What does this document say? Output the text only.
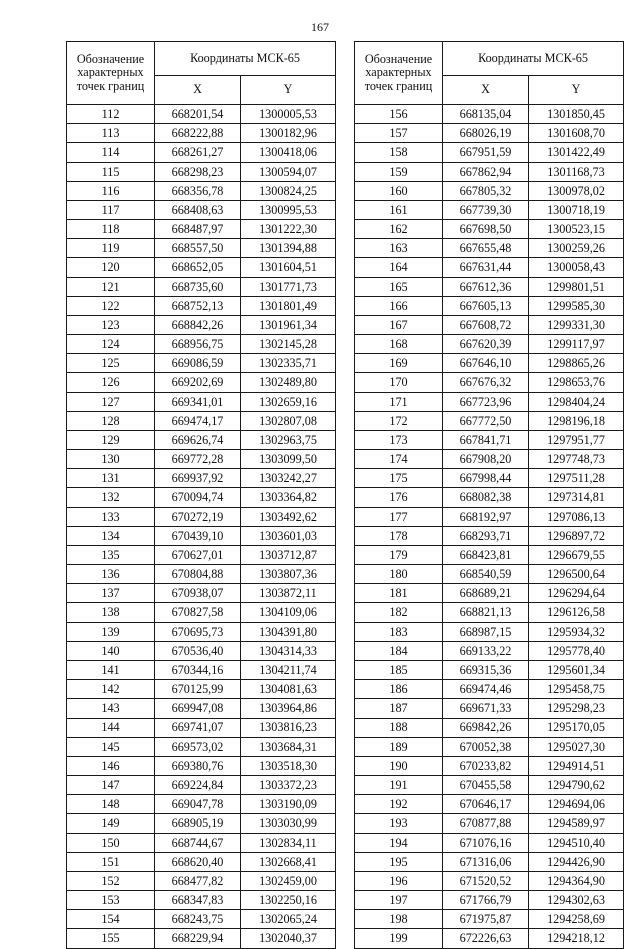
167
Обозначение характерных точек границ	Координаты МСК-65	
	X	Y
112	668201,54	1300005,53
113	668222,88	1300182,96
114	668261,27	1300418,06
115	668298,23	1300594,07
116	668356,78	1300824,25
117	668408,63	1300995,53
118	668487,97	1301222,30
119	668557,50	1301394,88
120	668652,05	1301604,51
121	668735,60	1301771,73
122	668752,13	1301801,49
123	668842,26	1301961,34
124	668956,75	1302145,28
125	669086,59	1302335,71
126	669202,69	1302489,80
127	669341,01	1302659,16
128	669474,17	1302807,08
129	669626,74	1302963,75
130	669772,28	1303099,50
131	669937,92	1303242,27
132	670094,74	1303364,82
133	670272,19	1303492,62
134	670439,10	1303601,03
135	670627,01	1303712,87
136	670804,88	1303807,36
137	670938,07	1303872,11
138	670827,58	1304109,06
139	670695,73	1304391,80
140	670536,40	1304314,33
141	670344,16	1304211,74
142	670125,99	1304081,63
143	669947,08	1303964,86
144	669741,07	1303816,23
145	669573,02	1303684,31
146	669380,76	1303518,30
147	669224,84	1303372,23
148	669047,78	1303190,09
149	668905,19	1303030,99
150	668744,67	1302834,11
151	668620,40	1302668,41
152	668477,82	1302459,00
153	668347,83	1302250,16
154	668243,75	1302065,24
155	668229,94	1302040,37
Обозначение характерных точек границ	Координаты МСК-65	
	X	Y
156	668135,04	1301850,45
157	668026,19	1301608,70
158	667951,59	1301422,49
159	667862,94	1301168,73
160	667805,32	1300978,02
161	667739,30	1300718,19
162	667698,50	1300523,15
163	667655,48	1300259,26
164	667631,44	1300058,43
165	667612,36	1299801,51
166	667605,13	1299585,30
167	667608,72	1299331,30
168	667620,39	1299117,97
169	667646,10	1298865,26
170	667676,32	1298653,76
171	667723,96	1298404,24
172	667772,50	1298196,18
173	667841,71	1297951,77
174	667908,20	1297748,73
175	667998,44	1297511,28
176	668082,38	1297314,81
177	668192,97	1297086,13
178	668293,71	1296897,72
179	668423,81	1296679,55
180	668540,59	1296500,64
181	668689,21	1296294,64
182	668821,13	1296126,58
183	668987,15	1295934,32
184	669133,22	1295778,40
185	669315,36	1295601,34
186	669474,46	1295458,75
187	669671,33	1295298,23
188	669842,26	1295170,05
189	670052,38	1295027,30
190	670233,82	1294914,51
191	670455,58	1294790,62
192	670646,17	1294694,06
193	670877,88	1294589,97
194	671076,16	1294510,40
195	671316,06	1294426,90
196	671520,52	1294364,90
197	671766,79	1294302,63
198	671975,87	1294258,69
199	672226,63	1294218,12
